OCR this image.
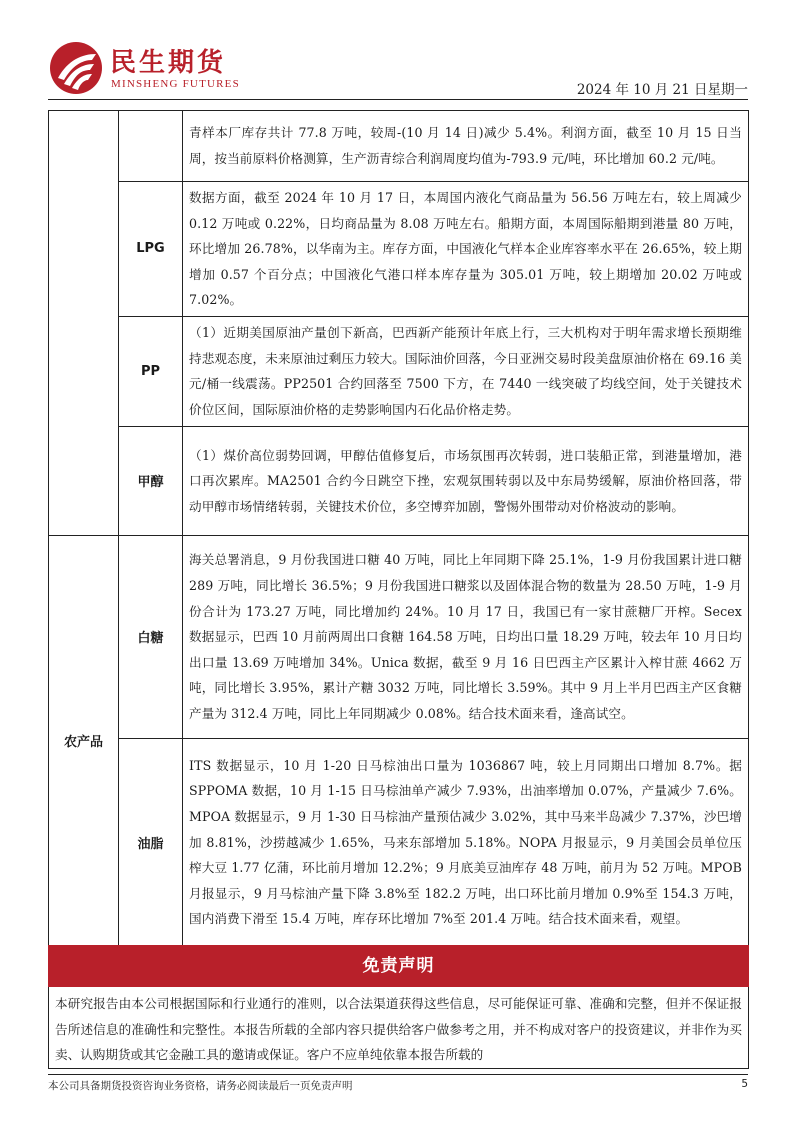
民生期货
MINSHENG FUTURES	2024 年 10 月 21 日星期一
		青样本厂库存共计 77.8 万吨，较周-(10 月 14 日)减少 5.4%。利润方面，截至 10 月 15 日当周，按当前原料价格测算，生产沥青综合利润周度均值为-793.9 元/吨，环比增加 60.2 元/吨。
	LPG	数据方面，截至 2024 年 10 月 17 日，本周国内液化气商品量为 56.56 万吨左右，较上周减少 0.12 万吨或 0.22%，日均商品量为 8.08 万吨左右。船期方面，本周国际船期到港量 80 万吨，环比增加 26.78%，以华南为主。库存方面，中国液化气样本企业库容率水平在 26.65%，较上期增加 0.57 个百分点；中国液化气港口样本库存量为 305.01 万吨，较上期增加 20.02 万吨或 7.02%。
	PP	（1）近期美国原油产量创下新高，巴西新产能预计年底上行，三大机构对于明年需求增长预期维持悲观态度，未来原油过剩压力较大。国际油价回落，今日亚洲交易时段美盘原油价格在 69.16 美元/桶一线震荡。PP2501 合约回落至 7500 下方，在 7440 一线突破了均线空间，处于关键技术价位区间，国际原油价格的走势影响国内石化品价格走势。
	甲醇	（1）煤价高位弱势回调，甲醇估值修复后，市场氛围再次转弱，进口装船正常，到港量增加，港口再次累库。MA2501 合约今日跳空下挫，宏观氛围转弱以及中东局势缓解，原油价格回落，带动甲醇市场情绪转弱，关键技术价位，多空博弈加剧，警惕外围带动对价格波动的影响。
农产品	白糖	海关总署消息，9 月份我国进口糖 40 万吨，同比上年同期下降 25.1%，1-9 月份我国累计进口糖 289 万吨，同比增长 36.5%；9 月份我国进口糖浆以及固体混合物的数量为 28.50 万吨，1-9 月份合计为 173.27 万吨，同比增加约 24%。10 月 17 日，我国已有一家甘蔗糖厂开榨。Secex 数据显示，巴西 10 月前两周出口食糖 164.58 万吨，日均出口量 18.29 万吨，较去年 10 月日均出口量 13.69 万吨增加 34%。Unica 数据，截至 9 月 16 日巴西主产区累计入榨甘蔗 4662 万吨，同比增长 3.95%，累计产糖 3032 万吨，同比增长 3.59%。其中 9 月上半月巴西主产区食糖产量为 312.4 万吨，同比上年同期减少 0.08%。结合技术面来看，逢高试空。
	油脂	ITS 数据显示，10 月 1-20 日马棕油出口量为 1036867 吨，较上月同期出口增加 8.7%。据 SPPOMA 数据，10 月 1-15 日马棕油单产减少 7.93%，出油率增加 0.07%，产量减少 7.6%。MPOA 数据显示，9 月 1-30 日马棕油产量预估减少 3.02%，其中马来半岛减少 7.37%，沙巴增加 8.81%，沙捞越减少 1.65%，马来东部增加 5.18%。NOPA 月报显示，9 月美国会员单位压榨大豆 1.77 亿蒲，环比前月增加 12.2%；9 月底美豆油库存 48 万吨，前月为 52 万吨。MPOB 月报显示，9 月马棕油产量下降 3.8%至 182.2 万吨，出口环比前月增加 0.9%至 154.3 万吨，国内消费下滑至 15.4 万吨，库存环比增加 7%至 201.4 万吨。结合技术面来看，观望。
免责声明
本研究报告由本公司根据国际和行业通行的准则，以合法渠道获得这些信息，尽可能保证可靠、准确和完整，但并不保证报告所述信息的准确性和完整性。本报告所载的全部内容只提供给客户做参考之用，并不构成对客户的投资建议，并非作为买卖、认购期货或其它金融工具的邀请或保证。客户不应单纯依靠本报告所载的
本公司具备期货投资咨询业务资格，请务必阅读最后一页免责声明	5
